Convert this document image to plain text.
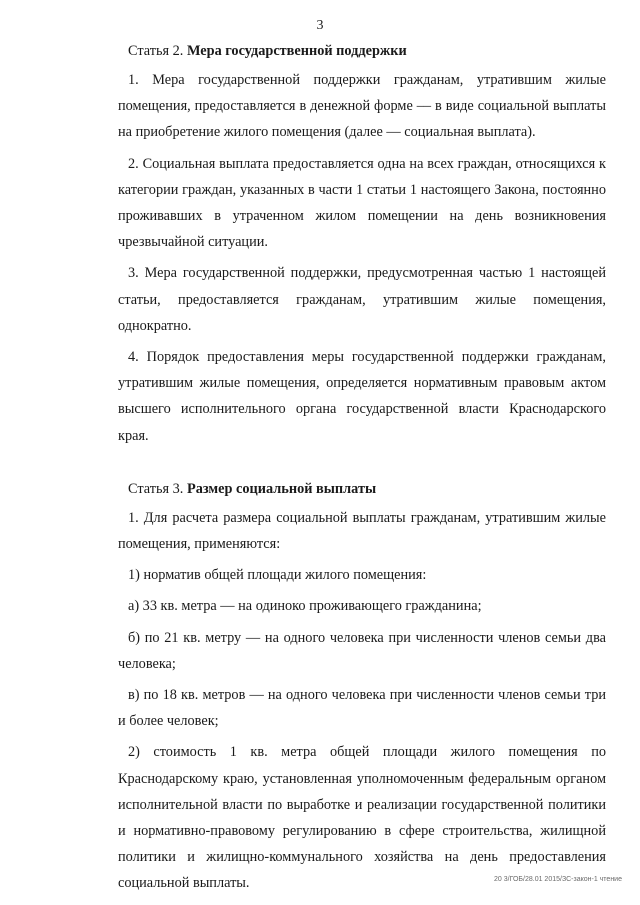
3

Статья 2. Мера государственной поддержки

1. Мера государственной поддержки гражданам, утратившим жилые помещения, предоставляется в денежной форме –– в виде социальной выплаты на приобретение жилого помещения (далее — социальная выплата).

2. Социальная выплата предоставляется одна на всех граждан, относящихся к категории граждан, указанных в части 1 статьи 1 настоящего Закона, постоянно проживавших в утраченном жилом помещении на день возникновения чрезвычайной ситуации.

3. Мера государственной поддержки, предусмотренная частью 1 настоящей статьи, предоставляется гражданам, утратившим жилые помещения, однократно.

4. Порядок предоставления меры государственной поддержки гражданам, утратившим жилые помещения, определяется нормативным правовым актом высшего исполнительного органа государственной власти Краснодарского края.

Статья 3. Размер социальной выплаты

1. Для расчета размера социальной выплаты гражданам, утратившим жилые помещения, применяются:

1) норматив общей площади жилого помещения:

а) 33 кв. метра — на одиноко проживающего гражданина;

б) по 21 кв. метру — на одного человека при численности членов семьи два человека;

в) по 18 кв. метров — на одного человека при численности членов семьи три и более человек;

2) стоимость 1 кв. метра общей площади жилого помещения по Краснодарскому краю, установленная уполномоченным федеральным органом исполнительной власти по выработке и реализации государственной политики и нормативно-правовому регулированию в сфере строительства, жилищной политики и жилищно-коммунального хозяйства на день предоставления социальной выплаты.	20 3/ГОБ/28.01 2015/ЗС-закон-1 чтение
